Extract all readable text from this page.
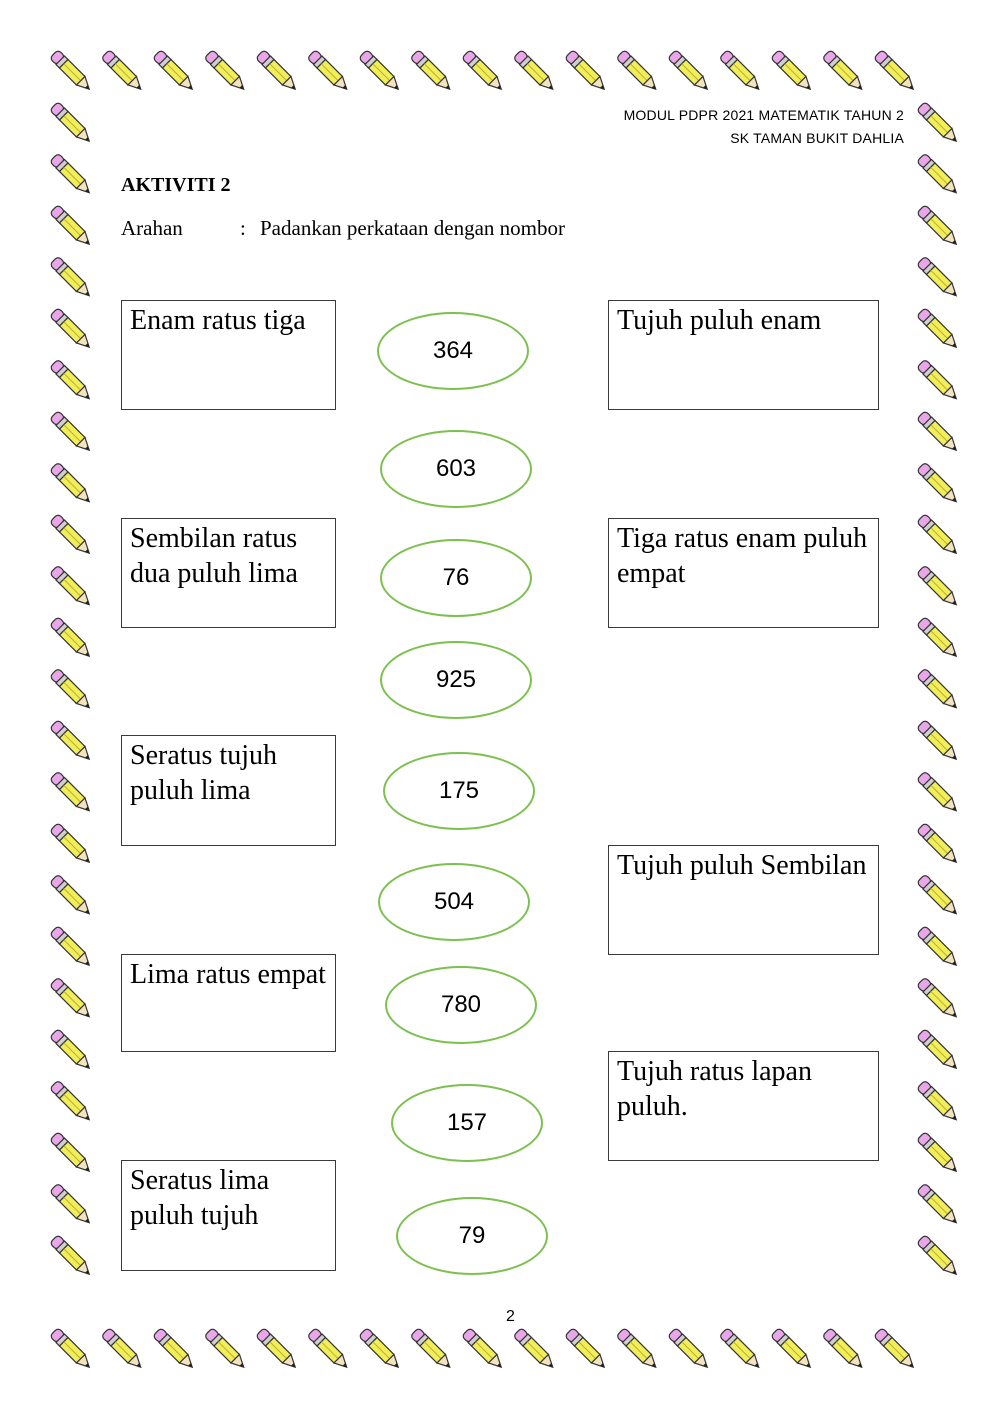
MODUL PDPR 2021 MATEMATIK TAHUN 2
SK TAMAN BUKIT DAHLIA
AKTIVITI 2
Arahan	: Padankan perkataan dengan nombor
Enam ratus tiga
Sembilan ratus dua puluh lima
Seratus tujuh puluh lima
Lima ratus empat
Seratus lima puluh tujuh
Tujuh puluh enam
Tiga ratus enam puluh empat
Tujuh puluh Sembilan
Tujuh ratus lapan puluh.
364
603
76
925
175
504
780
157
79
2
